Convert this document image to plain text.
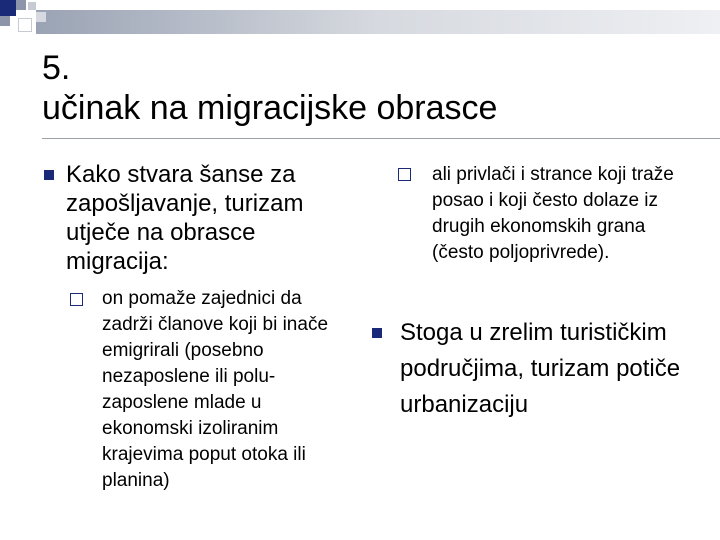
5.
učinak na migracijske obrasce
Kako stvara šanse za zapošljavanje, turizam utječe na obrasce migracija:
on pomaže zajednici da zadrži članove koji bi inače emigrirali (posebno nezaposlene ili polu-zaposlene mlade u ekonomski izoliranim krajevima poput otoka ili planina)
ali privlači i strance koji traže posao i koji često dolaze iz drugih ekonomskih grana (često poljoprivrede).
Stoga u zrelim turističkim područjima, turizam potiče urbanizaciju
